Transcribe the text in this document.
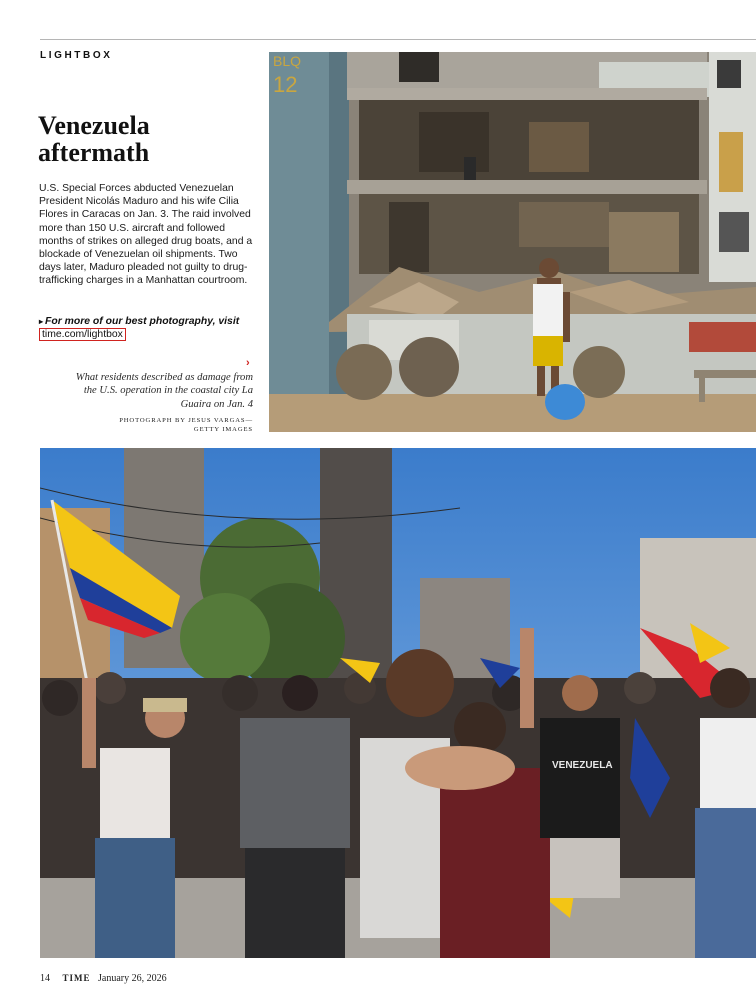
LIGHTBOX
Venezuela aftermath

U.S. Special Forces abducted Venezuelan President Nicolás Maduro and his wife Cilia Flores in Caracas on Jan. 3. The raid involved more than 150 U.S. aircraft and followed months of strikes on alleged drug boats, and a blockade of Venezuelan oil shipments. Two days later, Maduro pleaded not guilty to drug-trafficking charges in a Manhattan courtroom.

▸ For more of our best photography, visit time.com/lightbox
›
What residents described as damage from the U.S. operation in the coastal city La Guaira on Jan. 4
PHOTOGRAPH BY JESUS VARGAS—
GETTY IMAGES
BLQ
12
VENEZUELA
14 TIME January 26, 2026
